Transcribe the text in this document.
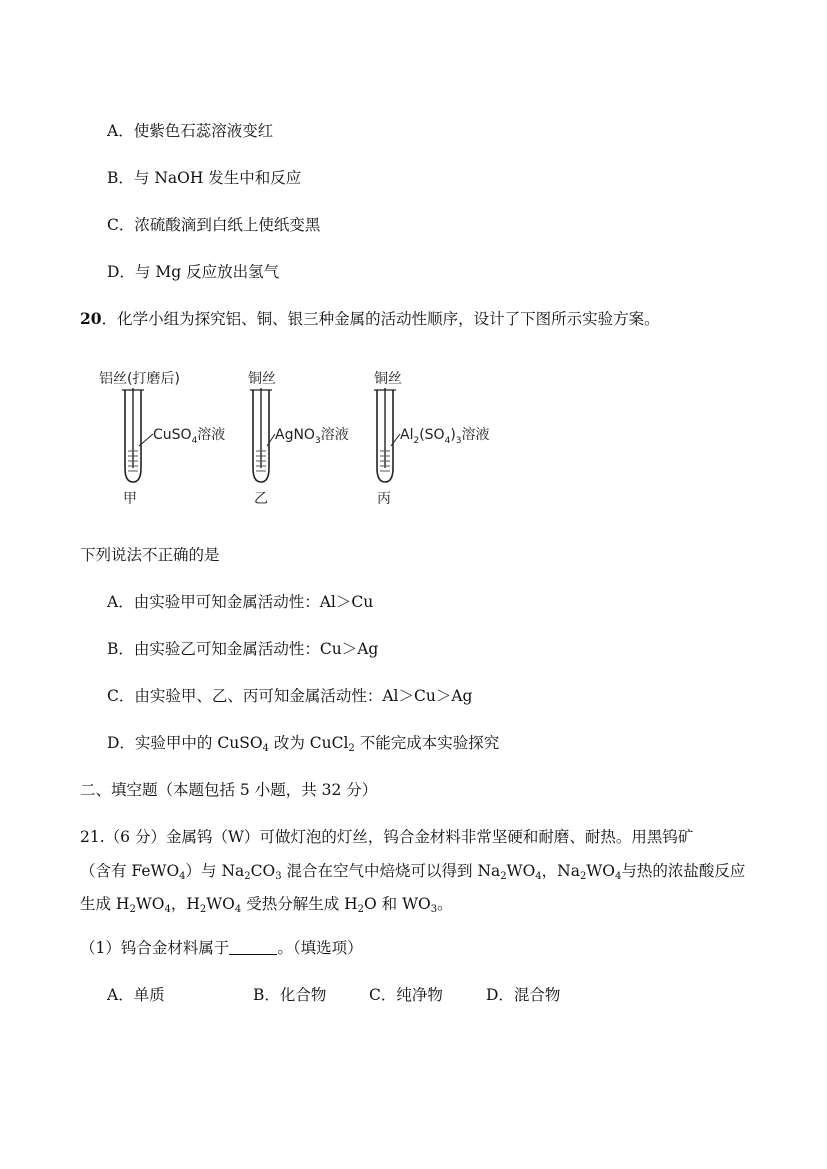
A．使紫色石蕊溶液变红
B．与 NaOH 发生中和反应
C．浓硫酸滴到白纸上使纸变黑
D．与 Mg 反应放出氢气
20．化学小组为探究铝、铜、银三种金属的活动性顺序，设计了下图所示实验方案。
铝丝(打磨后)
CuSO$_4$溶液
甲
铜丝
AgNO$_3$溶液
乙
铜丝
$Al_2(SO_4)_3$溶液
丙
下列说法不正确的是
A．由实验甲可知金属活动性：Al＞Cu
B．由实验乙可知金属活动性：Cu＞Ag
C．由实验甲、乙、丙可知金属活动性：Al＞Cu＞Ag
D．实验甲中的 CuSO$_4$ 改为 CuCl$_2$ 不能完成本实验探究
二、填空题（本题包括 5 小题，共 32 分）
21.（6 分）金属钨（W）可做灯泡的灯丝，钨合金材料非常坚硬和耐磨、耐热。用黑钨矿
（含有 FeWO$_4$）与 $Na_2CO_3$ 混合在空气中焙烧可以得到 $Na_2WO_4$，$Na_2WO_4$与热的浓盐酸反应
生成 $H_2WO_4$，$H_2WO_4$ 受热分解生成 $H_2O$ 和 $WO_3$。
（1）钨合金材料属于	。（填选项）
A．单质	B．化合物	C．纯净物	D．混合物
